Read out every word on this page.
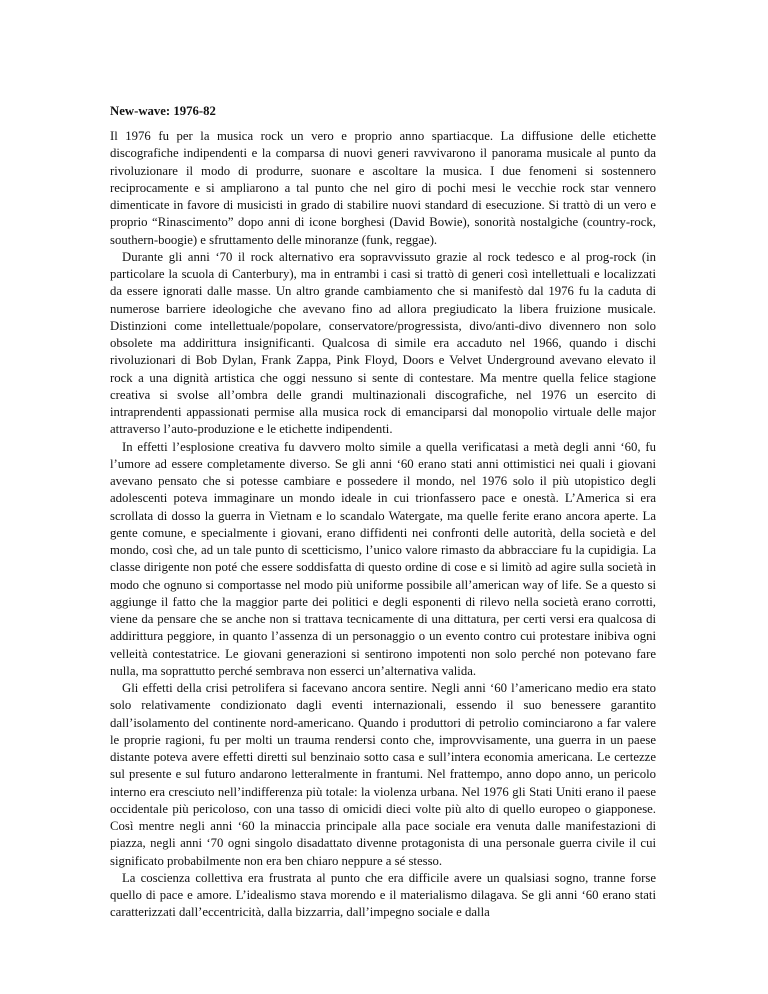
New-wave: 1976-82

Il 1976 fu per la musica rock un vero e proprio anno spartiacque. La diffusione delle etichette discografiche indipendenti e la comparsa di nuovi generi ravvivarono il panorama musicale al punto da rivoluzionare il modo di produrre, suonare e ascoltare la musica. I due fenomeni si sostennero reciprocamente e si ampliarono a tal punto che nel giro di pochi mesi le vecchie rock star vennero dimenticate in favore di musicisti in grado di stabilire nuovi standard di esecuzione. Si trattò di un vero e proprio “Rinascimento” dopo anni di icone borghesi (David Bowie), sonorità nostalgiche (country-rock, southern-boogie) e sfruttamento delle minoranze (funk, reggae).

Durante gli anni ‘70 il rock alternativo era sopravvissuto grazie al rock tedesco e al prog-rock (in particolare la scuola di Canterbury), ma in entrambi i casi si trattò di generi così intellettuali e localizzati da essere ignorati dalle masse. Un altro grande cambiamento che si manifestò dal 1976 fu la caduta di numerose barriere ideologiche che avevano fino ad allora pregiudicato la libera fruizione musicale. Distinzioni come intellettuale/popolare, conservatore/progressista, divo/anti-divo divennero non solo obsolete ma addirittura insignificanti. Qualcosa di simile era accaduto nel 1966, quando i dischi rivoluzionari di Bob Dylan, Frank Zappa, Pink Floyd, Doors e Velvet Underground avevano elevato il rock a una dignità artistica che oggi nessuno si sente di contestare. Ma mentre quella felice stagione creativa si svolse all’ombra delle grandi multinazionali discografiche, nel 1976 un esercito di intraprendenti appassionati permise alla musica rock di emanciparsi dal monopolio virtuale delle major attraverso l’auto-produzione e le etichette indipendenti.

In effetti l’esplosione creativa fu davvero molto simile a quella verificatasi a metà degli anni ‘60, fu l’umore ad essere completamente diverso. Se gli anni ‘60 erano stati anni ottimistici nei quali i giovani avevano pensato che si potesse cambiare e possedere il mondo, nel 1976 solo il più utopistico degli adolescenti poteva immaginare un mondo ideale in cui trionfassero pace e onestà. L’America si era scrollata di dosso la guerra in Vietnam e lo scandalo Watergate, ma quelle ferite erano ancora aperte. La gente comune, e specialmente i giovani, erano diffidenti nei confronti delle autorità, della società e del mondo, così che, ad un tale punto di scetticismo, l’unico valore rimasto da abbracciare fu la cupidigia. La classe dirigente non poté che essere soddisfatta di questo ordine di cose e si limitò ad agire sulla società in modo che ognuno si comportasse nel modo più uniforme possibile all’american way of life. Se a questo si aggiunge il fatto che la maggior parte dei politici e degli esponenti di rilevo nella società erano corrotti, viene da pensare che se anche non si trattava tecnicamente di una dittatura, per certi versi era qualcosa di addirittura peggiore, in quanto l’assenza di un personaggio o un evento contro cui protestare inibiva ogni velleità contestatrice. Le giovani generazioni si sentirono impotenti non solo perché non potevano fare nulla, ma soprattutto perché sembrava non esserci un’alternativa valida.

Gli effetti della crisi petrolifera si facevano ancora sentire. Negli anni ‘60 l’americano medio era stato solo relativamente condizionato dagli eventi internazionali, essendo il suo benessere garantito dall’isolamento del continente nord-americano. Quando i produttori di petrolio cominciarono a far valere le proprie ragioni, fu per molti un trauma rendersi conto che, improvvisamente, una guerra in un paese distante poteva avere effetti diretti sul benzinaio sotto casa e sull’intera economia americana. Le certezze sul presente e sul futuro andarono letteralmente in frantumi. Nel frattempo, anno dopo anno, un pericolo interno era cresciuto nell’indifferenza più totale: la violenza urbana. Nel 1976 gli Stati Uniti erano il paese occidentale più pericoloso, con una tasso di omicidi dieci volte più alto di quello europeo o giapponese. Così mentre negli anni ‘60 la minaccia principale alla pace sociale era venuta dalle manifestazioni di piazza, negli anni ‘70 ogni singolo disadattato divenne protagonista di una personale guerra civile il cui significato probabilmente non era ben chiaro neppure a sé stesso.

La coscienza collettiva era frustrata al punto che era difficile avere un qualsiasi sogno, tranne forse quello di pace e amore. L’idealismo stava morendo e il materialismo dilagava. Se gli anni ‘60 erano stati caratterizzati dall’eccentricità, dalla bizzarria, dall’impegno sociale e dalla
